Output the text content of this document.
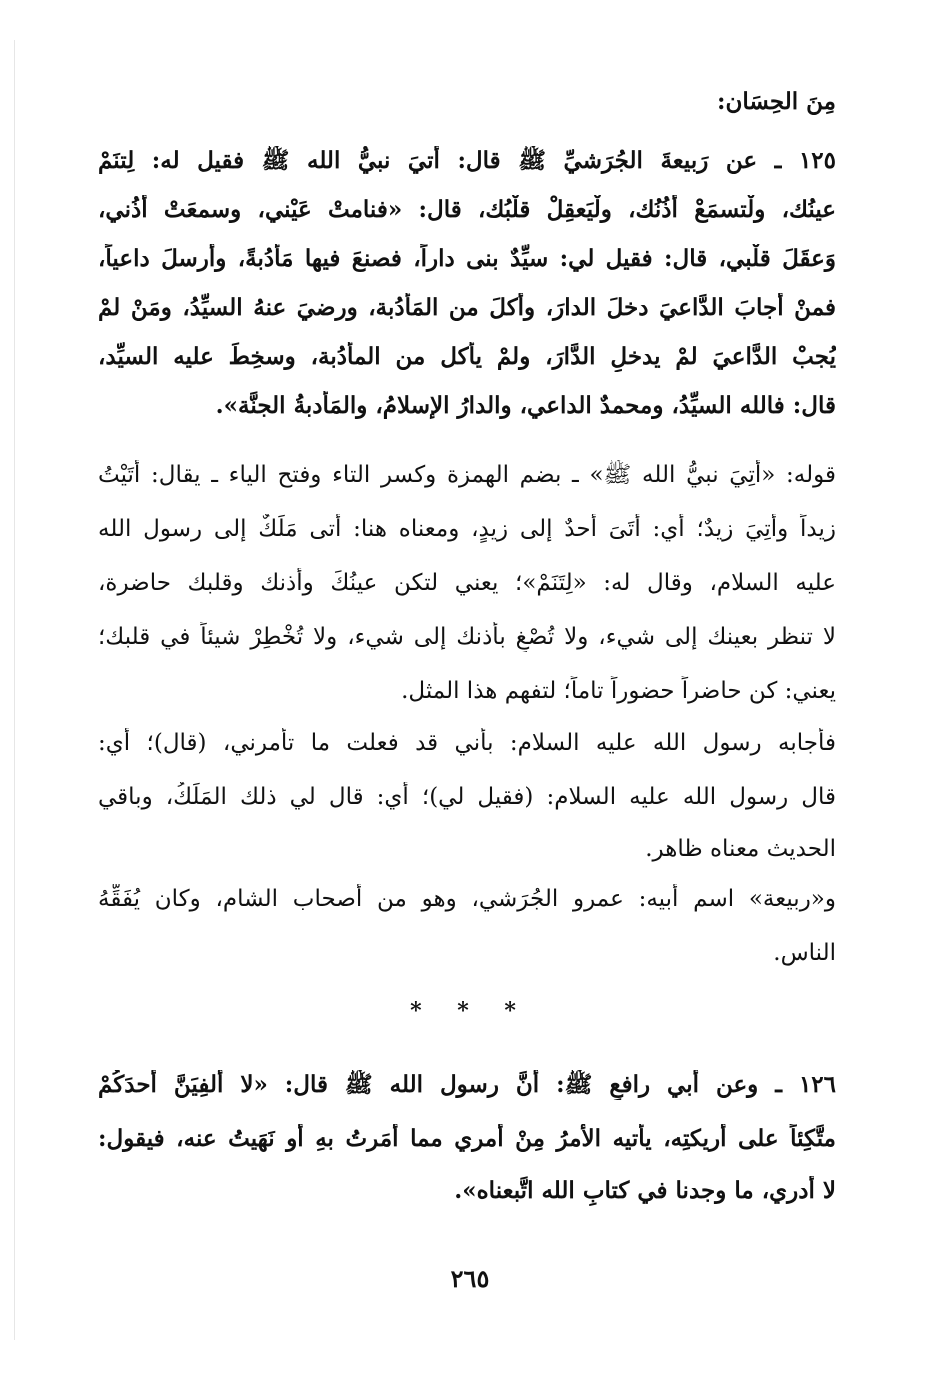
مِنَ الحِسَان:
١٢٥ ـ عن رَبيعةَ الجُرَشيِّ ﷺ قال: أُتيَ نبيُّ الله ﷺ فقيل له: لِتنَمْ
عينُك، ولْتسمَعْ أذُنُك، ولْيَعقِلْ قلْبُك، قال: «فنامتْ عَيْني، وسمعَتْ أُذُني،
وَعقَلَ قلْبي، قال: فقيل لي: سيِّدٌ بنى داراً، فصنعَ فيها مَأدُبةً، وأرسلَ داعياً،
فمنْ أجابَ الدَّاعيَ دخلَ الدارَ، وأكلَ من المَأدُبة، ورضيَ عنهُ السيِّدُ، ومَنْ لمْ
يُجبْ الدَّاعيَ لمْ يدخلِ الدَّارَ، ولمْ يأْكل من المأدُبة، وسخِطَ عليه السيِّد،
قال: فالله السيِّدُ، ومحمدٌ الداعي، والدارُ الإسلامُ، والمَأْدبةُ الجنَّة».
قوله: «أُتِيَ نبيُّ الله ﷺ» ـ بضم الهمزة وكسر التاء وفتح الياء ـ يقال: أَتَيْتُ
زيداً وأُتِيَ زيدٌ؛ أي: أَتَىَ أحدٌ إلى زيدٍ، ومعناه هنا: أتى مَلَكٌ إلى رسول الله
عليه السلام، وقال له: «لِتَنَمْ»؛ يعني لتكن عينُكَ وأذنك وقلبك حاضرة،
لا تنظر بعينك إلى شيء، ولا تُصْغِ بأذنك إلى شيء، ولا تُخْطِرْ شيئاً في قلبك؛
يعني: كن حاضراً حضوراً تاماً؛ لتفهم هذا المثل.
فأجابه رسول الله عليه السلام: بأني قد فعلت ما تأمرني، (قال)؛ أي:
قال رسول الله عليه السلام: (فقيل لي)؛ أي: قال لي ذلك المَلَكُ، وباقي
الحديث معناه ظاهر.
و«ربيعة» اسم أبيه: عمرو الجُرَشي، وهو من أصحاب الشام، وكان يُفَقِّهُ
الناس.
* * *
١٢٦ ـ وعن أبي رافعٍ ﷺ: أنَّ رسول الله ﷺ قال: «لا أُلفِيَنَّ أحدَكُمْ
متَّكِئاً على أَريكتِه، يأْتيه الأمرُ مِنْ أمري مما أَمَرتُ بهِ أو نَهَيتُ عنه، فيقول:
لا أَدري، ما وجدنا في كتابِ الله اتَّبعناه».
٢٦٥
